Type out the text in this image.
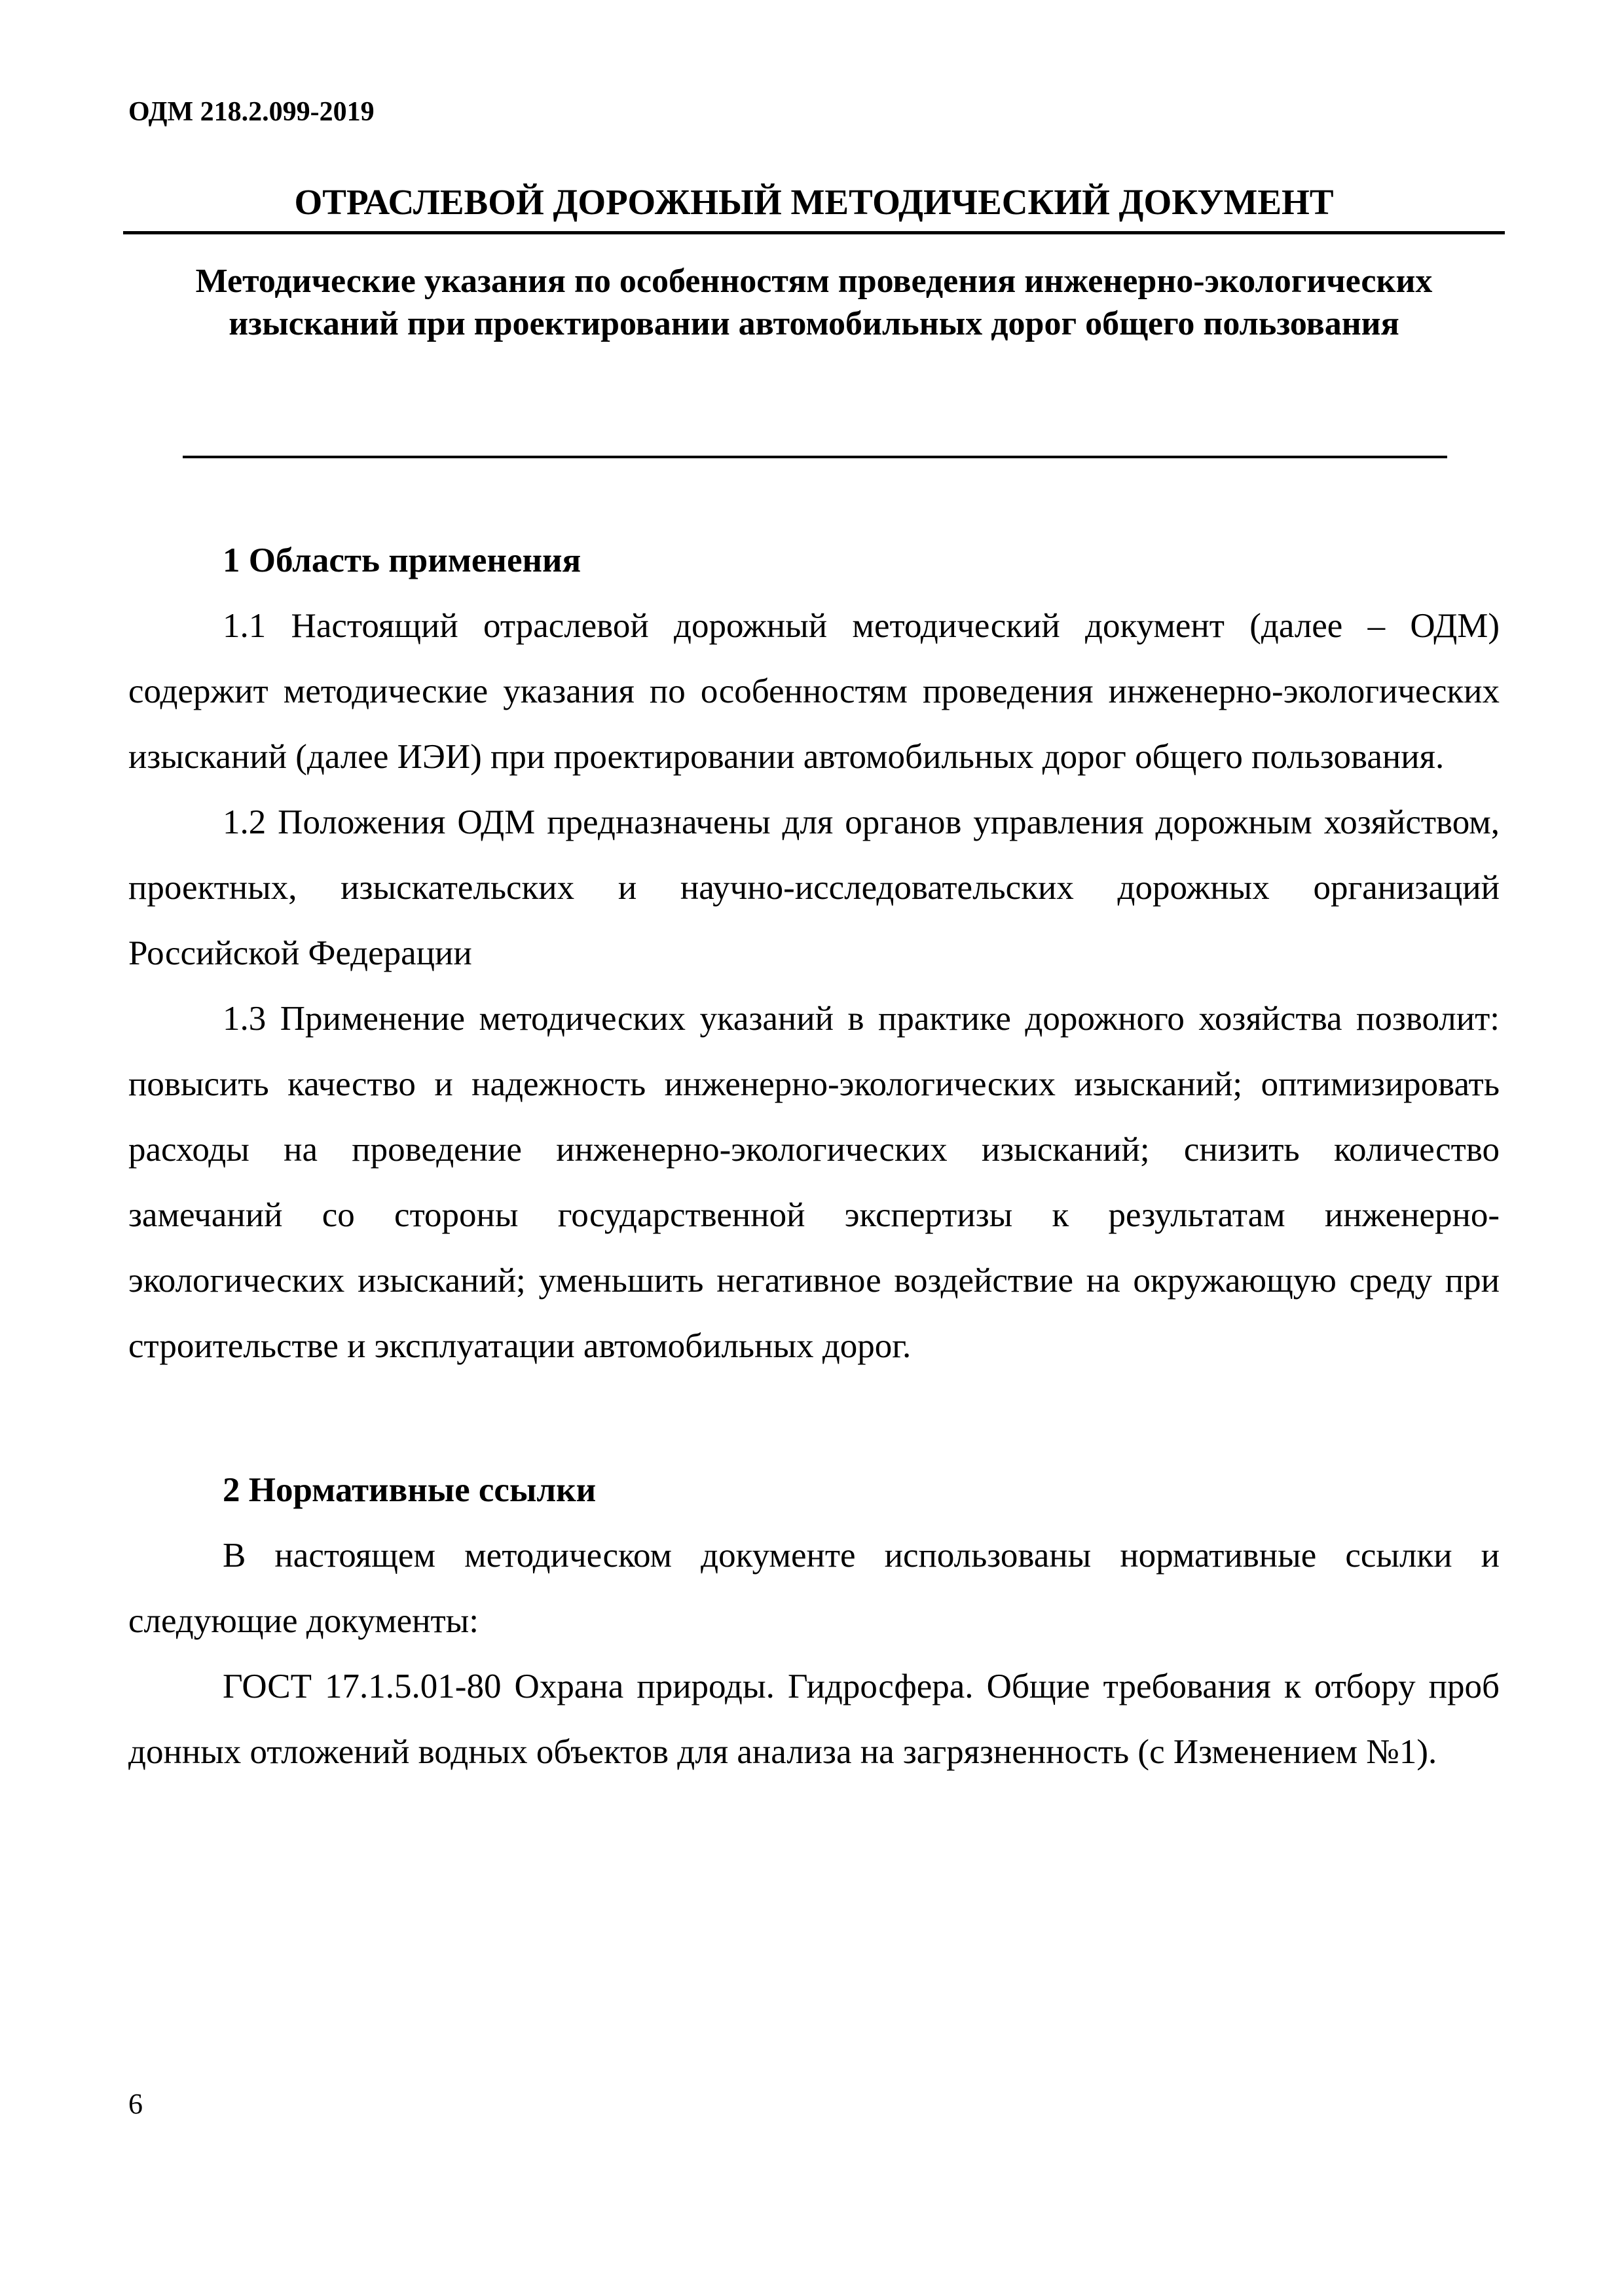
ОДМ 218.2.099-2019

ОТРАСЛЕВОЙ ДОРОЖНЫЙ МЕТОДИЧЕСКИЙ ДОКУМЕНТ

Методические указания по особенностям проведения инженерно-экологических изысканий при проектировании автомобильных дорог общего пользования

1 Область применения

1.1 Настоящий отраслевой дорожный методический документ (далее – ОДМ) содержит методические указания по особенностям проведения инженерно-экологических изысканий (далее ИЭИ) при проектировании автомобильных дорог общего пользования.

1.2 Положения ОДМ предназначены для органов управления дорожным хозяйством, проектных, изыскательских и научно-исследовательских дорожных организаций Российской Федерации

1.3 Применение методических указаний в практике дорожного хозяйства позволит: повысить качество и надежность инженерно-экологических изысканий; оптимизировать расходы на проведение инженерно-экологических изысканий; снизить количество замечаний со стороны государственной экспертизы к результатам инженерно-экологических изысканий; уменьшить негативное воздействие на окружающую среду при строительстве и эксплуатации автомобильных дорог.

2 Нормативные ссылки

В настоящем методическом документе использованы нормативные ссылки и следующие документы:

ГОСТ 17.1.5.01-80 Охрана природы. Гидросфера. Общие требования к отбору проб донных отложений водных объектов для анализа на загрязненность (с Изменением №1).

6
